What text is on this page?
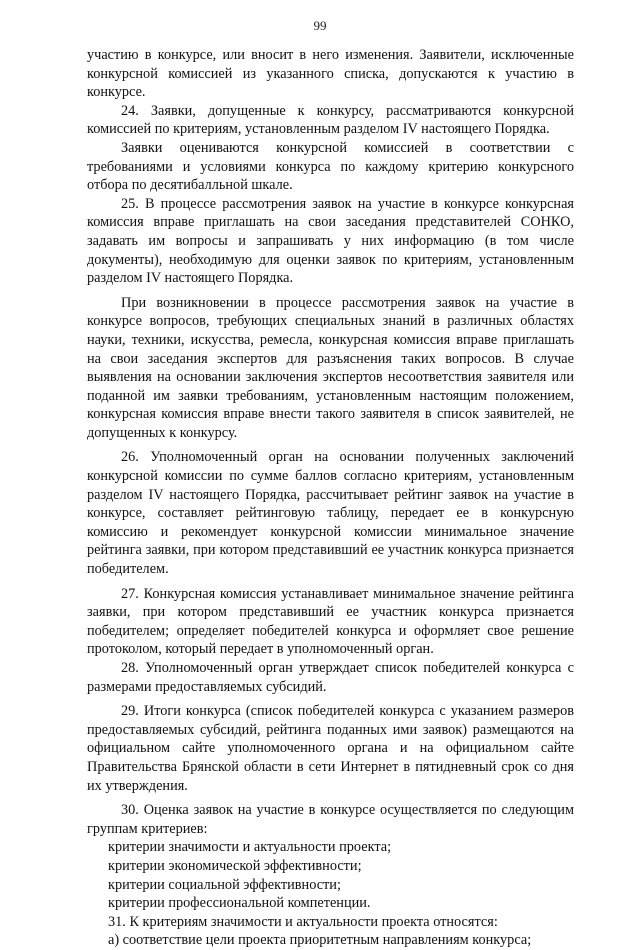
99

участию в конкурсе, или вносит в него изменения. Заявители, исключенные конкурсной комиссией из указанного списка, допускаются к участию в конкурсе.

24. Заявки, допущенные к конкурсу, рассматриваются конкурсной комиссией по критериям, установленным разделом IV настоящего Порядка.

Заявки оцениваются конкурсной комиссией в соответствии с требованиями и условиями конкурса по каждому критерию конкурсного отбора по десятибалльной шкале.

25. В процессе рассмотрения заявок на участие в конкурсе конкурсная комиссия вправе приглашать на свои заседания представителей СОНКО, задавать им вопросы и запрашивать у них информацию (в том числе документы), необходимую для оценки заявок по критериям, установленным разделом IV настоящего Порядка.

При возникновении в процессе рассмотрения заявок на участие в конкурсе вопросов, требующих специальных знаний в различных областях науки, техники, искусства, ремесла, конкурсная комиссия вправе приглашать на свои заседания экспертов для разъяснения таких вопросов. В случае выявления на основании заключения экспертов несоответствия заявителя или поданной им заявки требованиям, установленным настоящим положением, конкурсная комиссия вправе внести такого заявителя в список заявителей, не допущенных к конкурсу.

26. Уполномоченный орган на основании полученных заключений конкурсной комиссии по сумме баллов согласно критериям, установленным разделом IV настоящего Порядка, рассчитывает рейтинг заявок на участие в конкурсе, составляет рейтинговую таблицу, передает ее в конкурсную комиссию и рекомендует конкурсной комиссии минимальное значение рейтинга заявки, при котором представивший ее участник конкурса признается победителем.

27. Конкурсная комиссия устанавливает минимальное значение рейтинга заявки, при котором представивший ее участник конкурса признается победителем; определяет победителей конкурса и оформляет свое решение протоколом, который передает в уполномоченный орган.

28. Уполномоченный орган утверждает список победителей конкурса с размерами предоставляемых субсидий.

29. Итоги конкурса (список победителей конкурса с указанием размеров предоставляемых субсидий, рейтинга поданных ими заявок) размещаются на официальном сайте уполномоченного органа и на официальном сайте Правительства Брянской области в сети Интернет в пятидневный срок со дня их утверждения.

30. Оценка заявок на участие в конкурсе осуществляется по следующим группам критериев:

критерии значимости и актуальности проекта;

критерии экономической эффективности;

критерии социальной эффективности;

критерии профессиональной компетенции.

31. К критериям значимости и актуальности проекта относятся:

а) соответствие цели проекта приоритетным направлениям конкурса;
